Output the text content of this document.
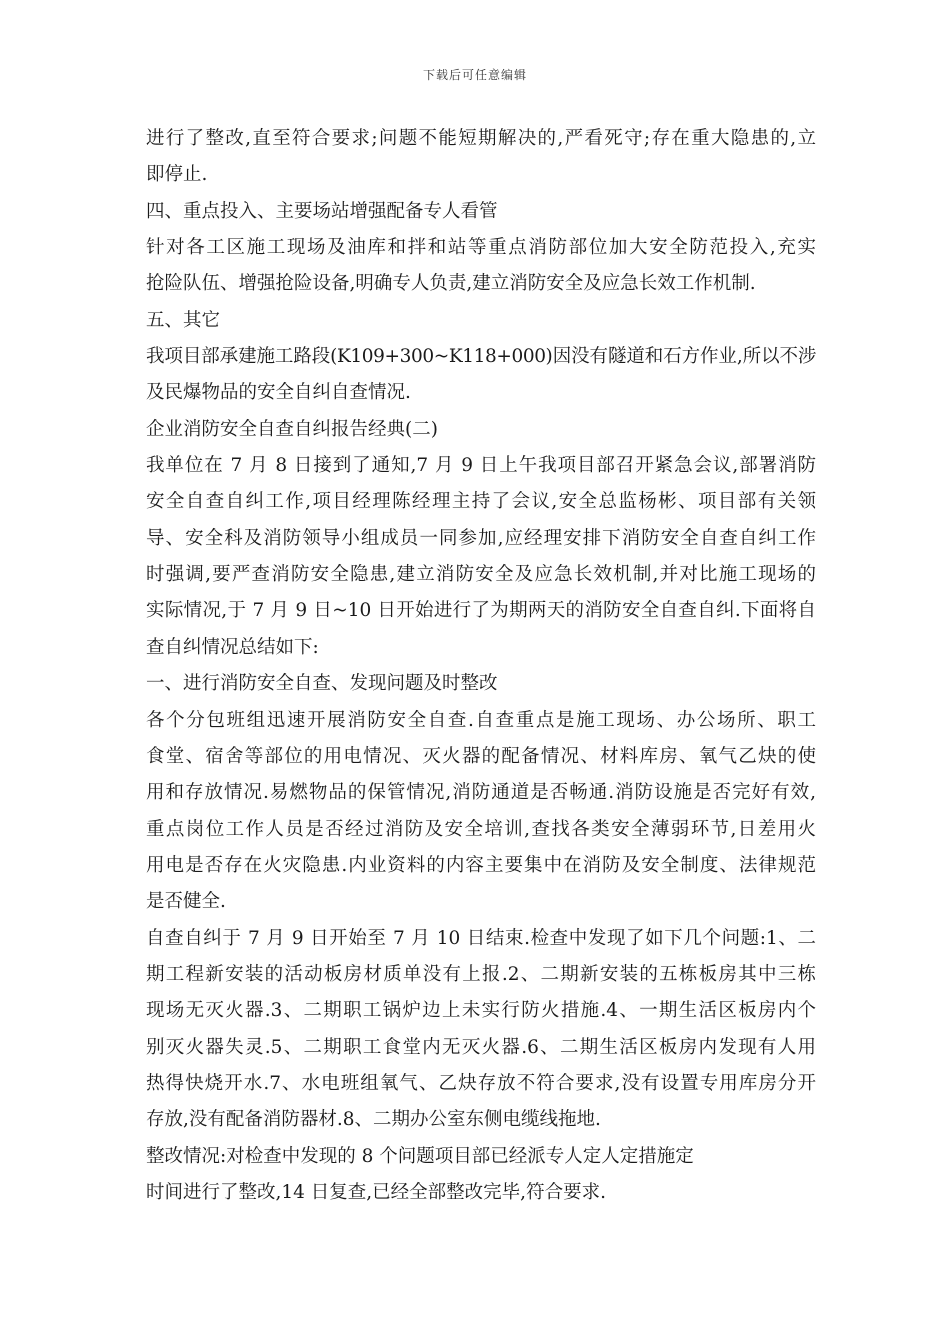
下载后可任意编辑
进行了整改,直至符合要求;问题不能短期解决的,严看死守;存在重大隐患的,立
即停止.
四、重点投入、主要场站增强配备专人看管
针对各工区施工现场及油库和拌和站等重点消防部位加大安全防范投入,充实
抢险队伍、增强抢险设备,明确专人负责,建立消防安全及应急长效工作机制.
五、其它
我项目部承建施工路段(K109+300~K118+000)因没有隧道和石方作业,所以不涉
及民爆物品的安全自纠自查情况.
企业消防安全自查自纠报告经典(二)
我单位在 7 月 8 日接到了通知,7 月 9 日上午我项目部召开紧急会议,部署消防
安全自查自纠工作,项目经理陈经理主持了会议,安全总监杨彬、项目部有关领
导、安全科及消防领导小组成员一同参加,应经理安排下消防安全自查自纠工作
时强调,要严查消防安全隐患,建立消防安全及应急长效机制,并对比施工现场的
实际情况,于 7 月 9 日~10 日开始进行了为期两天的消防安全自查自纠.下面将自
查自纠情况总结如下:
一、进行消防安全自查、发现问题及时整改
各个分包班组迅速开展消防安全自查.自查重点是施工现场、办公场所、职工
食堂、宿舍等部位的用电情况、灭火器的配备情况、材料库房、氧气乙炔的使
用和存放情况.易燃物品的保管情况,消防通道是否畅通.消防设施是否完好有效,
重点岗位工作人员是否经过消防及安全培训,查找各类安全薄弱环节,日差用火
用电是否存在火灾隐患.内业资料的内容主要集中在消防及安全制度、法律规范
是否健全.
自查自纠于 7 月 9 日开始至 7 月 10 日结束.检查中发现了如下几个问题:1、二
期工程新安装的活动板房材质单没有上报.2、二期新安装的五栋板房其中三栋
现场无灭火器.3、二期职工锅炉边上未实行防火措施.4、一期生活区板房内个
别灭火器失灵.5、二期职工食堂内无灭火器.6、二期生活区板房内发现有人用
热得快烧开水.7、水电班组氧气、乙炔存放不符合要求,没有设置专用库房分开
存放,没有配备消防器材.8、二期办公室东侧电缆线拖地.
整改情况:对检查中发现的 8 个问题项目部已经派专人定人定措施定
时间进行了整改,14 日复查,已经全部整改完毕,符合要求.
